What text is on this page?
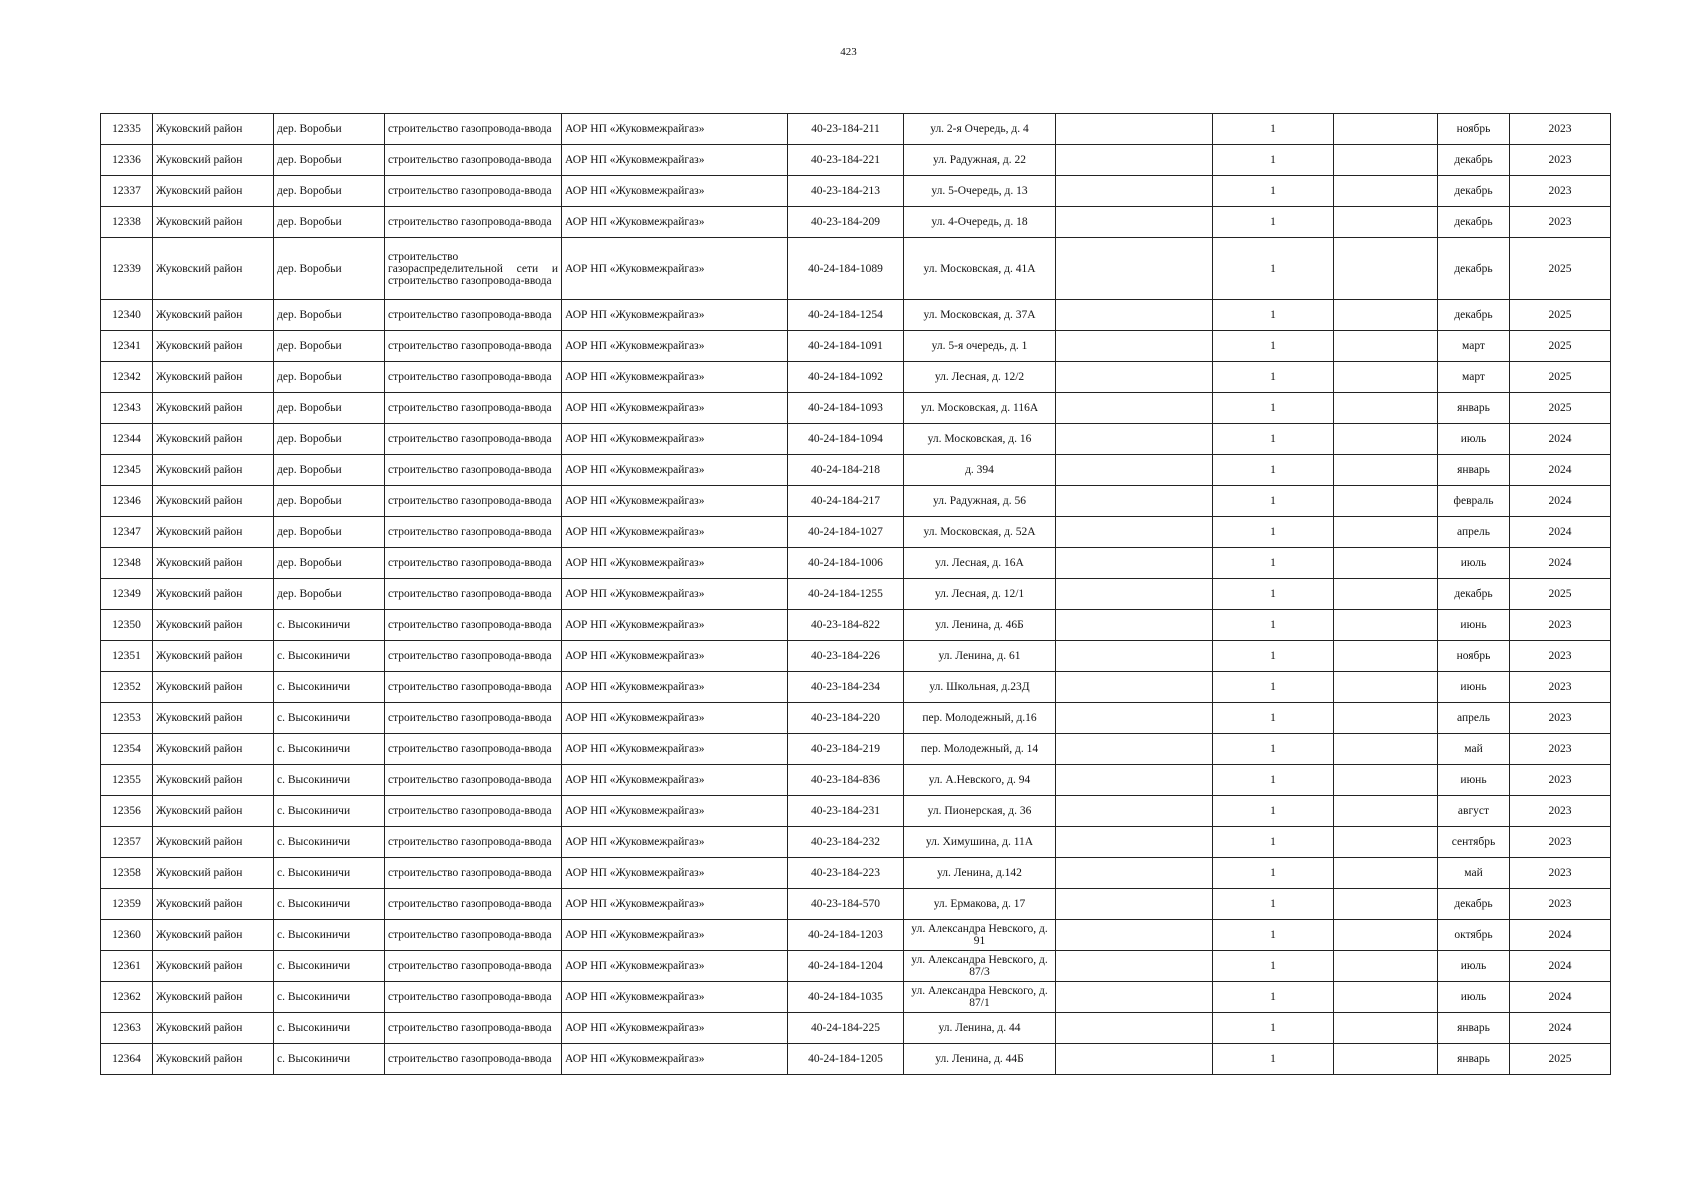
423
12335	Жуковский район	дер. Воробьи	строительство газопровода-ввода	АОР НП «Жуковмежрайгаз»	40-23-184-211	ул. 2-я Очередь, д. 4		1		ноябрь	2023
12336	Жуковский район	дер. Воробьи	строительство газопровода-ввода	АОР НП «Жуковмежрайгаз»	40-23-184-221	ул. Радужная, д. 22		1		декабрь	2023
12337	Жуковский район	дер. Воробьи	строительство газопровода-ввода	АОР НП «Жуковмежрайгаз»	40-23-184-213	ул. 5-Очередь, д. 13		1		декабрь	2023
12338	Жуковский район	дер. Воробьи	строительство газопровода-ввода	АОР НП «Жуковмежрайгаз»	40-23-184-209	ул. 4-Очередь, д. 18		1		декабрь	2023
12339	Жуковский район	дер. Воробьи	строительство газораспределительной сети и строительство газопровода-ввода	АОР НП «Жуковмежрайгаз»	40-24-184-1089	ул. Московская, д. 41А		1		декабрь	2025
12340	Жуковский район	дер. Воробьи	строительство газопровода-ввода	АОР НП «Жуковмежрайгаз»	40-24-184-1254	ул. Московская, д. 37А		1		декабрь	2025
12341	Жуковский район	дер. Воробьи	строительство газопровода-ввода	АОР НП «Жуковмежрайгаз»	40-24-184-1091	ул. 5-я очередь, д. 1		1		март	2025
12342	Жуковский район	дер. Воробьи	строительство газопровода-ввода	АОР НП «Жуковмежрайгаз»	40-24-184-1092	ул. Лесная, д. 12/2		1		март	2025
12343	Жуковский район	дер. Воробьи	строительство газопровода-ввода	АОР НП «Жуковмежрайгаз»	40-24-184-1093	ул. Московская, д. 116А		1		январь	2025
12344	Жуковский район	дер. Воробьи	строительство газопровода-ввода	АОР НП «Жуковмежрайгаз»	40-24-184-1094	ул. Московская, д. 16		1		июль	2024
12345	Жуковский район	дер. Воробьи	строительство газопровода-ввода	АОР НП «Жуковмежрайгаз»	40-24-184-218	д. 394		1		январь	2024
12346	Жуковский район	дер. Воробьи	строительство газопровода-ввода	АОР НП «Жуковмежрайгаз»	40-24-184-217	ул. Радужная, д. 56		1		февраль	2024
12347	Жуковский район	дер. Воробьи	строительство газопровода-ввода	АОР НП «Жуковмежрайгаз»	40-24-184-1027	ул. Московская, д. 52А		1		апрель	2024
12348	Жуковский район	дер. Воробьи	строительство газопровода-ввода	АОР НП «Жуковмежрайгаз»	40-24-184-1006	ул. Лесная, д. 16А		1		июль	2024
12349	Жуковский район	дер. Воробьи	строительство газопровода-ввода	АОР НП «Жуковмежрайгаз»	40-24-184-1255	ул. Лесная, д. 12/1		1		декабрь	2025
12350	Жуковский район	с. Высокиничи	строительство газопровода-ввода	АОР НП «Жуковмежрайгаз»	40-23-184-822	ул. Ленина, д. 46Б		1		июнь	2023
12351	Жуковский район	с. Высокиничи	строительство газопровода-ввода	АОР НП «Жуковмежрайгаз»	40-23-184-226	ул. Ленина, д. 61		1		ноябрь	2023
12352	Жуковский район	с. Высокиничи	строительство газопровода-ввода	АОР НП «Жуковмежрайгаз»	40-23-184-234	ул. Школьная, д.23Д		1		июнь	2023
12353	Жуковский район	с. Высокиничи	строительство газопровода-ввода	АОР НП «Жуковмежрайгаз»	40-23-184-220	пер. Молодежный, д.16		1		апрель	2023
12354	Жуковский район	с. Высокиничи	строительство газопровода-ввода	АОР НП «Жуковмежрайгаз»	40-23-184-219	пер. Молодежный, д. 14		1		май	2023
12355	Жуковский район	с. Высокиничи	строительство газопровода-ввода	АОР НП «Жуковмежрайгаз»	40-23-184-836	ул. А.Невского, д. 94		1		июнь	2023
12356	Жуковский район	с. Высокиничи	строительство газопровода-ввода	АОР НП «Жуковмежрайгаз»	40-23-184-231	ул. Пионерская, д. 36		1		август	2023
12357	Жуковский район	с. Высокиничи	строительство газопровода-ввода	АОР НП «Жуковмежрайгаз»	40-23-184-232	ул. Химушина, д. 11А		1		сентябрь	2023
12358	Жуковский район	с. Высокиничи	строительство газопровода-ввода	АОР НП «Жуковмежрайгаз»	40-23-184-223	ул. Ленина, д.142		1		май	2023
12359	Жуковский район	с. Высокиничи	строительство газопровода-ввода	АОР НП «Жуковмежрайгаз»	40-23-184-570	ул. Ермакова, д. 17		1		декабрь	2023
12360	Жуковский район	с. Высокиничи	строительство газопровода-ввода	АОР НП «Жуковмежрайгаз»	40-24-184-1203	ул. Александра Невского, д. 91		1		октябрь	2024
12361	Жуковский район	с. Высокиничи	строительство газопровода-ввода	АОР НП «Жуковмежрайгаз»	40-24-184-1204	ул. Александра Невского, д. 87/3		1		июль	2024
12362	Жуковский район	с. Высокиничи	строительство газопровода-ввода	АОР НП «Жуковмежрайгаз»	40-24-184-1035	ул. Александра Невского, д. 87/1		1		июль	2024
12363	Жуковский район	с. Высокиничи	строительство газопровода-ввода	АОР НП «Жуковмежрайгаз»	40-24-184-225	ул. Ленина, д. 44		1		январь	2024
12364	Жуковский район	с. Высокиничи	строительство газопровода-ввода	АОР НП «Жуковмежрайгаз»	40-24-184-1205	ул. Ленина, д. 44Б		1		январь	2025
